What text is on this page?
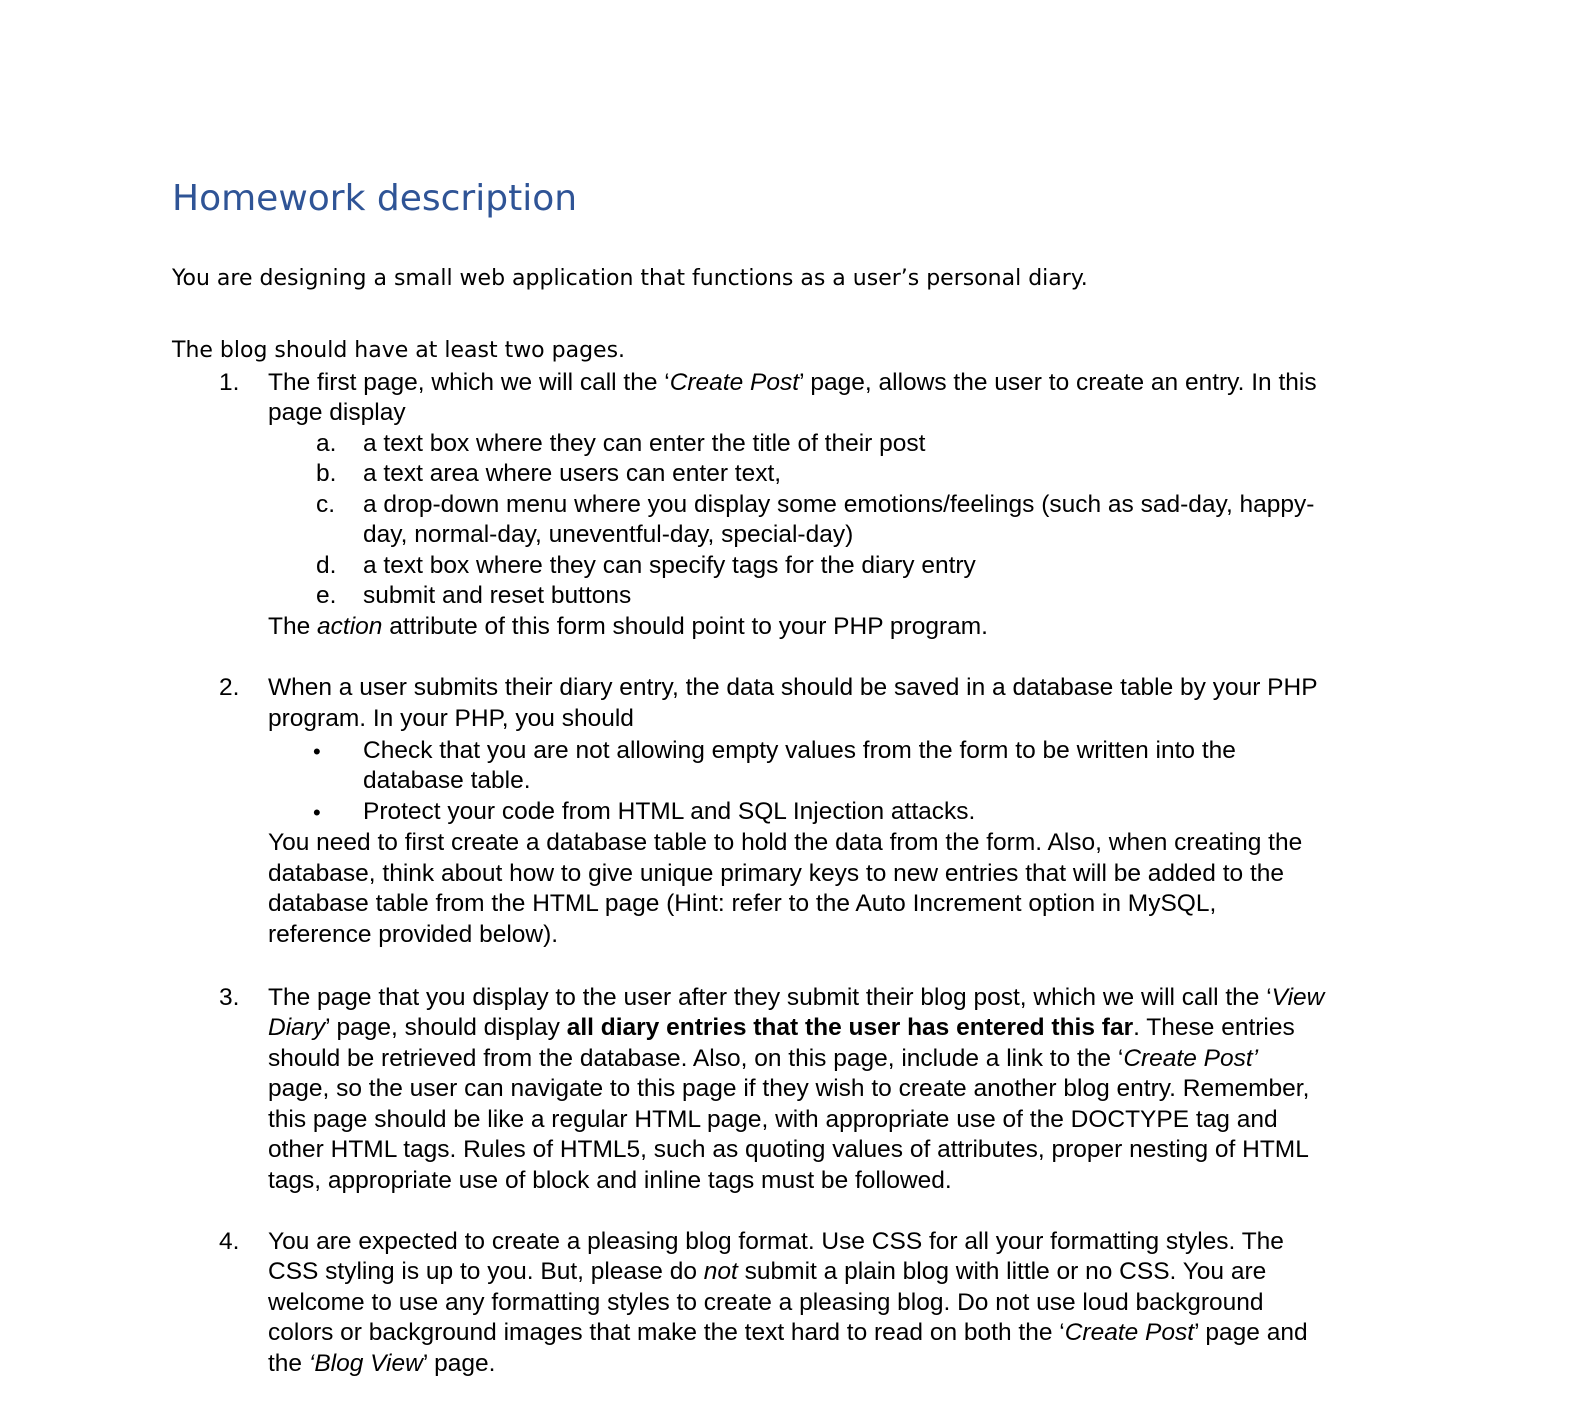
Homework description

You are designing a small web application that functions as a user’s personal diary.

The blog should have at least two pages.

1. The first page, which we will call the ‘Create Post’ page, allows the user to create an entry. In this
page display
a. a text box where they can enter the title of their post
b. a text area where users can enter text,
c. a drop-down menu where you display some emotions/feelings (such as sad-day, happy-
day, normal-day, uneventful-day, special-day)
d. a text box where they can specify tags for the diary entry
e. submit and reset buttons
The action attribute of this form should point to your PHP program.
2. When a user submits their diary entry, the data should be saved in a database table by your PHP
program. In your PHP, you should
• Check that you are not allowing empty values from the form to be written into the
database table.
• Protect your code from HTML and SQL Injection attacks.
You need to first create a database table to hold the data from the form. Also, when creating the
database, think about how to give unique primary keys to new entries that will be added to the
database table from the HTML page (Hint: refer to the Auto Increment option in MySQL,
reference provided below).
3. The page that you display to the user after they submit their blog post, which we will call the ‘View
Diary’ page, should display all diary entries that the user has entered this far. These entries
should be retrieved from the database. Also, on this page, include a link to the ‘Create Post’
page, so the user can navigate to this page if they wish to create another blog entry. Remember,
this page should be like a regular HTML page, with appropriate use of the DOCTYPE tag and
other HTML tags. Rules of HTML5, such as quoting values of attributes, proper nesting of HTML
tags, appropriate use of block and inline tags must be followed.
4. You are expected to create a pleasing blog format. Use CSS for all your formatting styles. The
CSS styling is up to you. But, please do not submit a plain blog with little or no CSS. You are
welcome to use any formatting styles to create a pleasing blog. Do not use loud background
colors or background images that make the text hard to read on both the ‘Create Post’ page and
the ‘Blog View’ page.
